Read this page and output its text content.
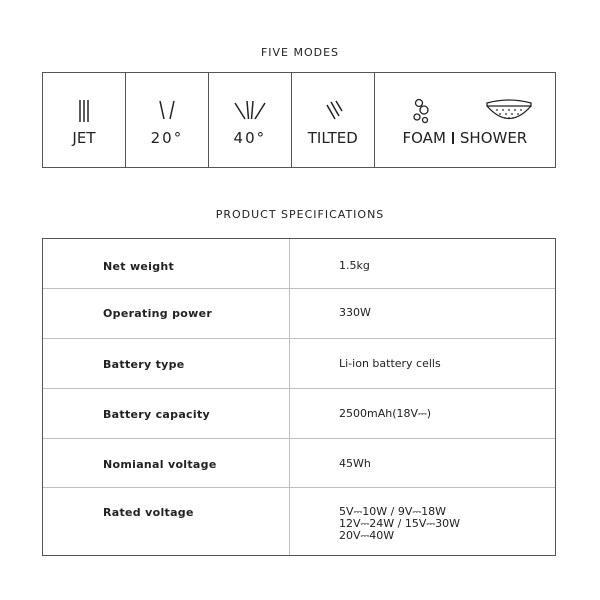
FIVE MODES
JET	20°	40°	TILTED	FOAM SHOWER
PRODUCT SPECIFICATIONS
Net weight	1.5kg
Operating power	330W
Battery type	Li-ion battery cells
Battery capacity	2500mAh(18V⎓)
Nomianal voltage	45Wh
Rated voltage	5V⎓10W / 9V⎓18W
12V⎓24W / 15V⎓30W
20V⎓40W
